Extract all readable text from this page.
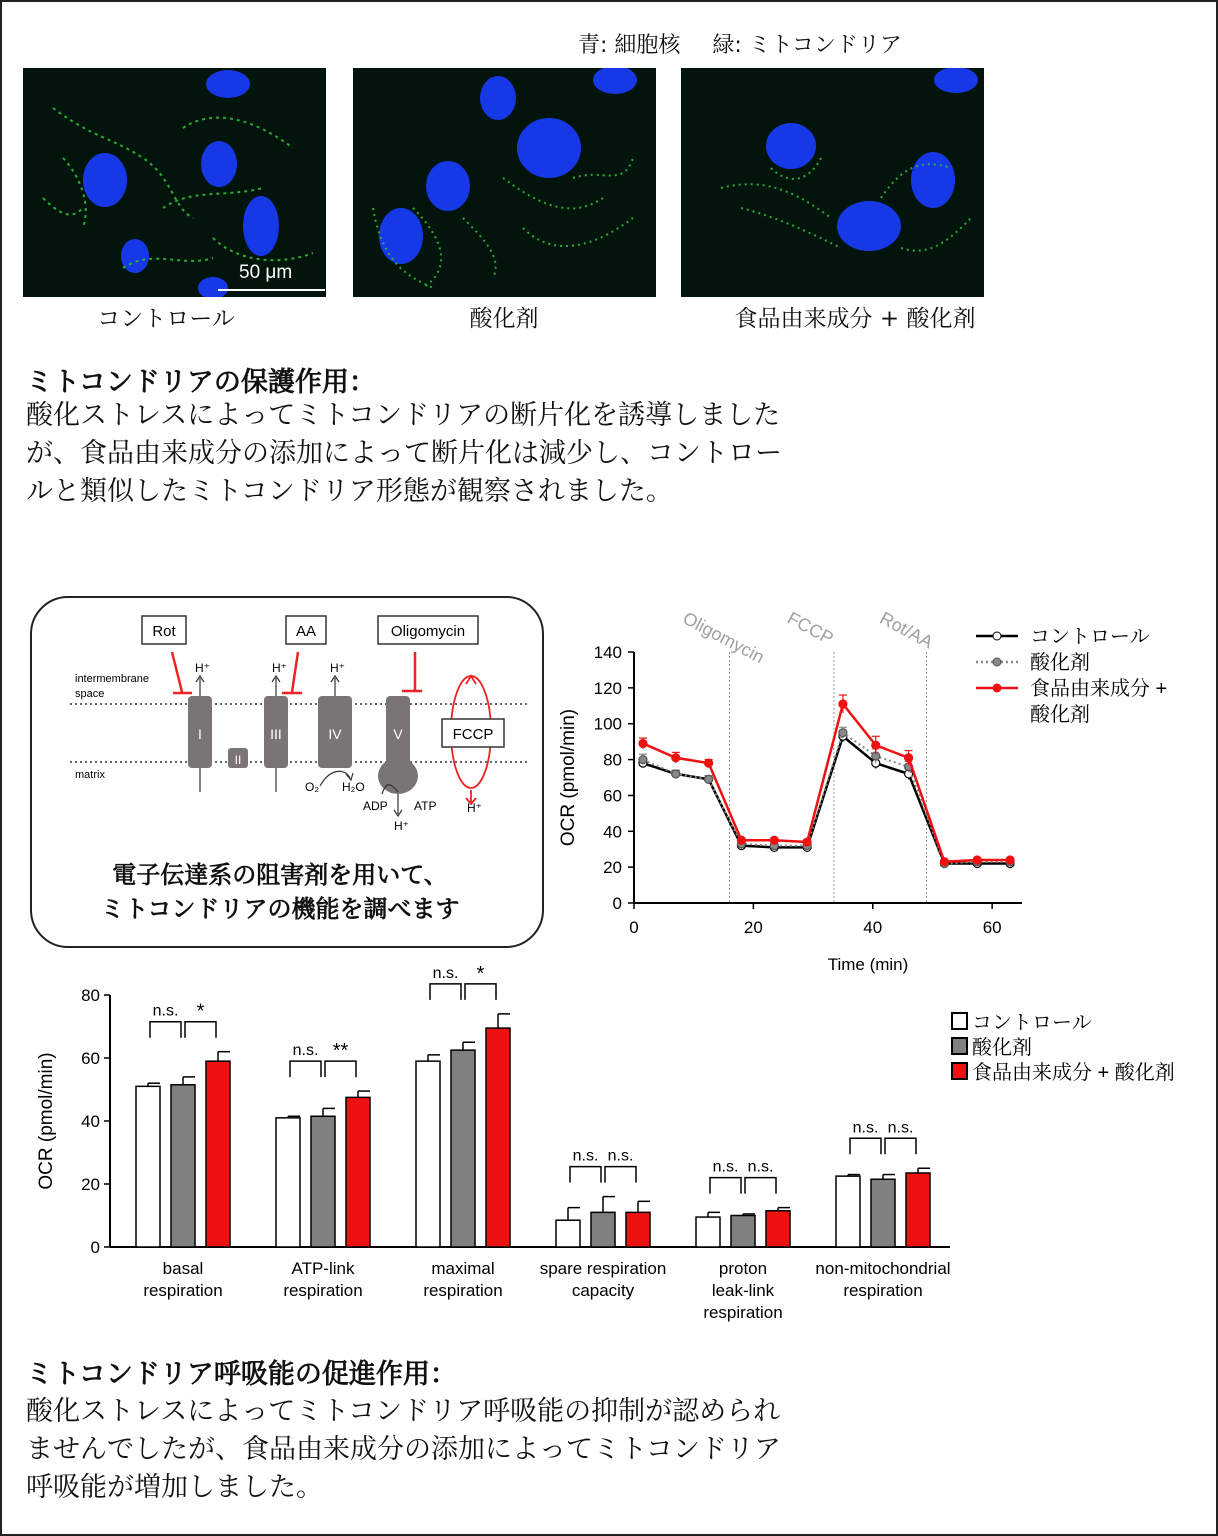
青: 細胞核 緑: ミトコンドリア
50 μm
コントロール	酸化剤	食品由来成分 + 酸化剤
ミトコンドリアの保護作用：
酸化ストレスによってミトコンドリアの断片化を誘導しました
が、食品由来成分の添加によって断片化は減少し、コントロー
ルと類似したミトコンドリア形態が観察されました。
intermembrane
space
matrix
I
II
III	IV	V
H⁺	H⁺	H⁺
H⁺
O₂ H₂O
ADP ATP
Rot	AA	Oligomycin
FCCP
H⁺
電子伝達系の阻害剤を用いて、
ミトコンドリアの機能を調べます	0
20
40
60
80
100
120
140
0	20	40	60
Time (min)
OCR (pmol/min)
Oligomycin FCCP Rot/AA	コントロール
酸化剤
食品由来成分 +
酸化剤
0
20
40
60
80
OCR (pmol/min)
n.s. *
basal
respiration
n.s. **
ATP-link
respiration
n.s. *
maximal
respiration
n.s. n.s.
spare respiration
capacity
n.s. n.s.
proton
leak-link
respiration
n.s. n.s.
non-mitochondrial
respiration
コントロール
酸化剤
食品由来成分 + 酸化剤
ミトコンドリア呼吸能の促進作用：
酸化ストレスによってミトコンドリア呼吸能の抑制が認められ
ませんでしたが、食品由来成分の添加によってミトコンドリア
呼吸能が増加しました。
